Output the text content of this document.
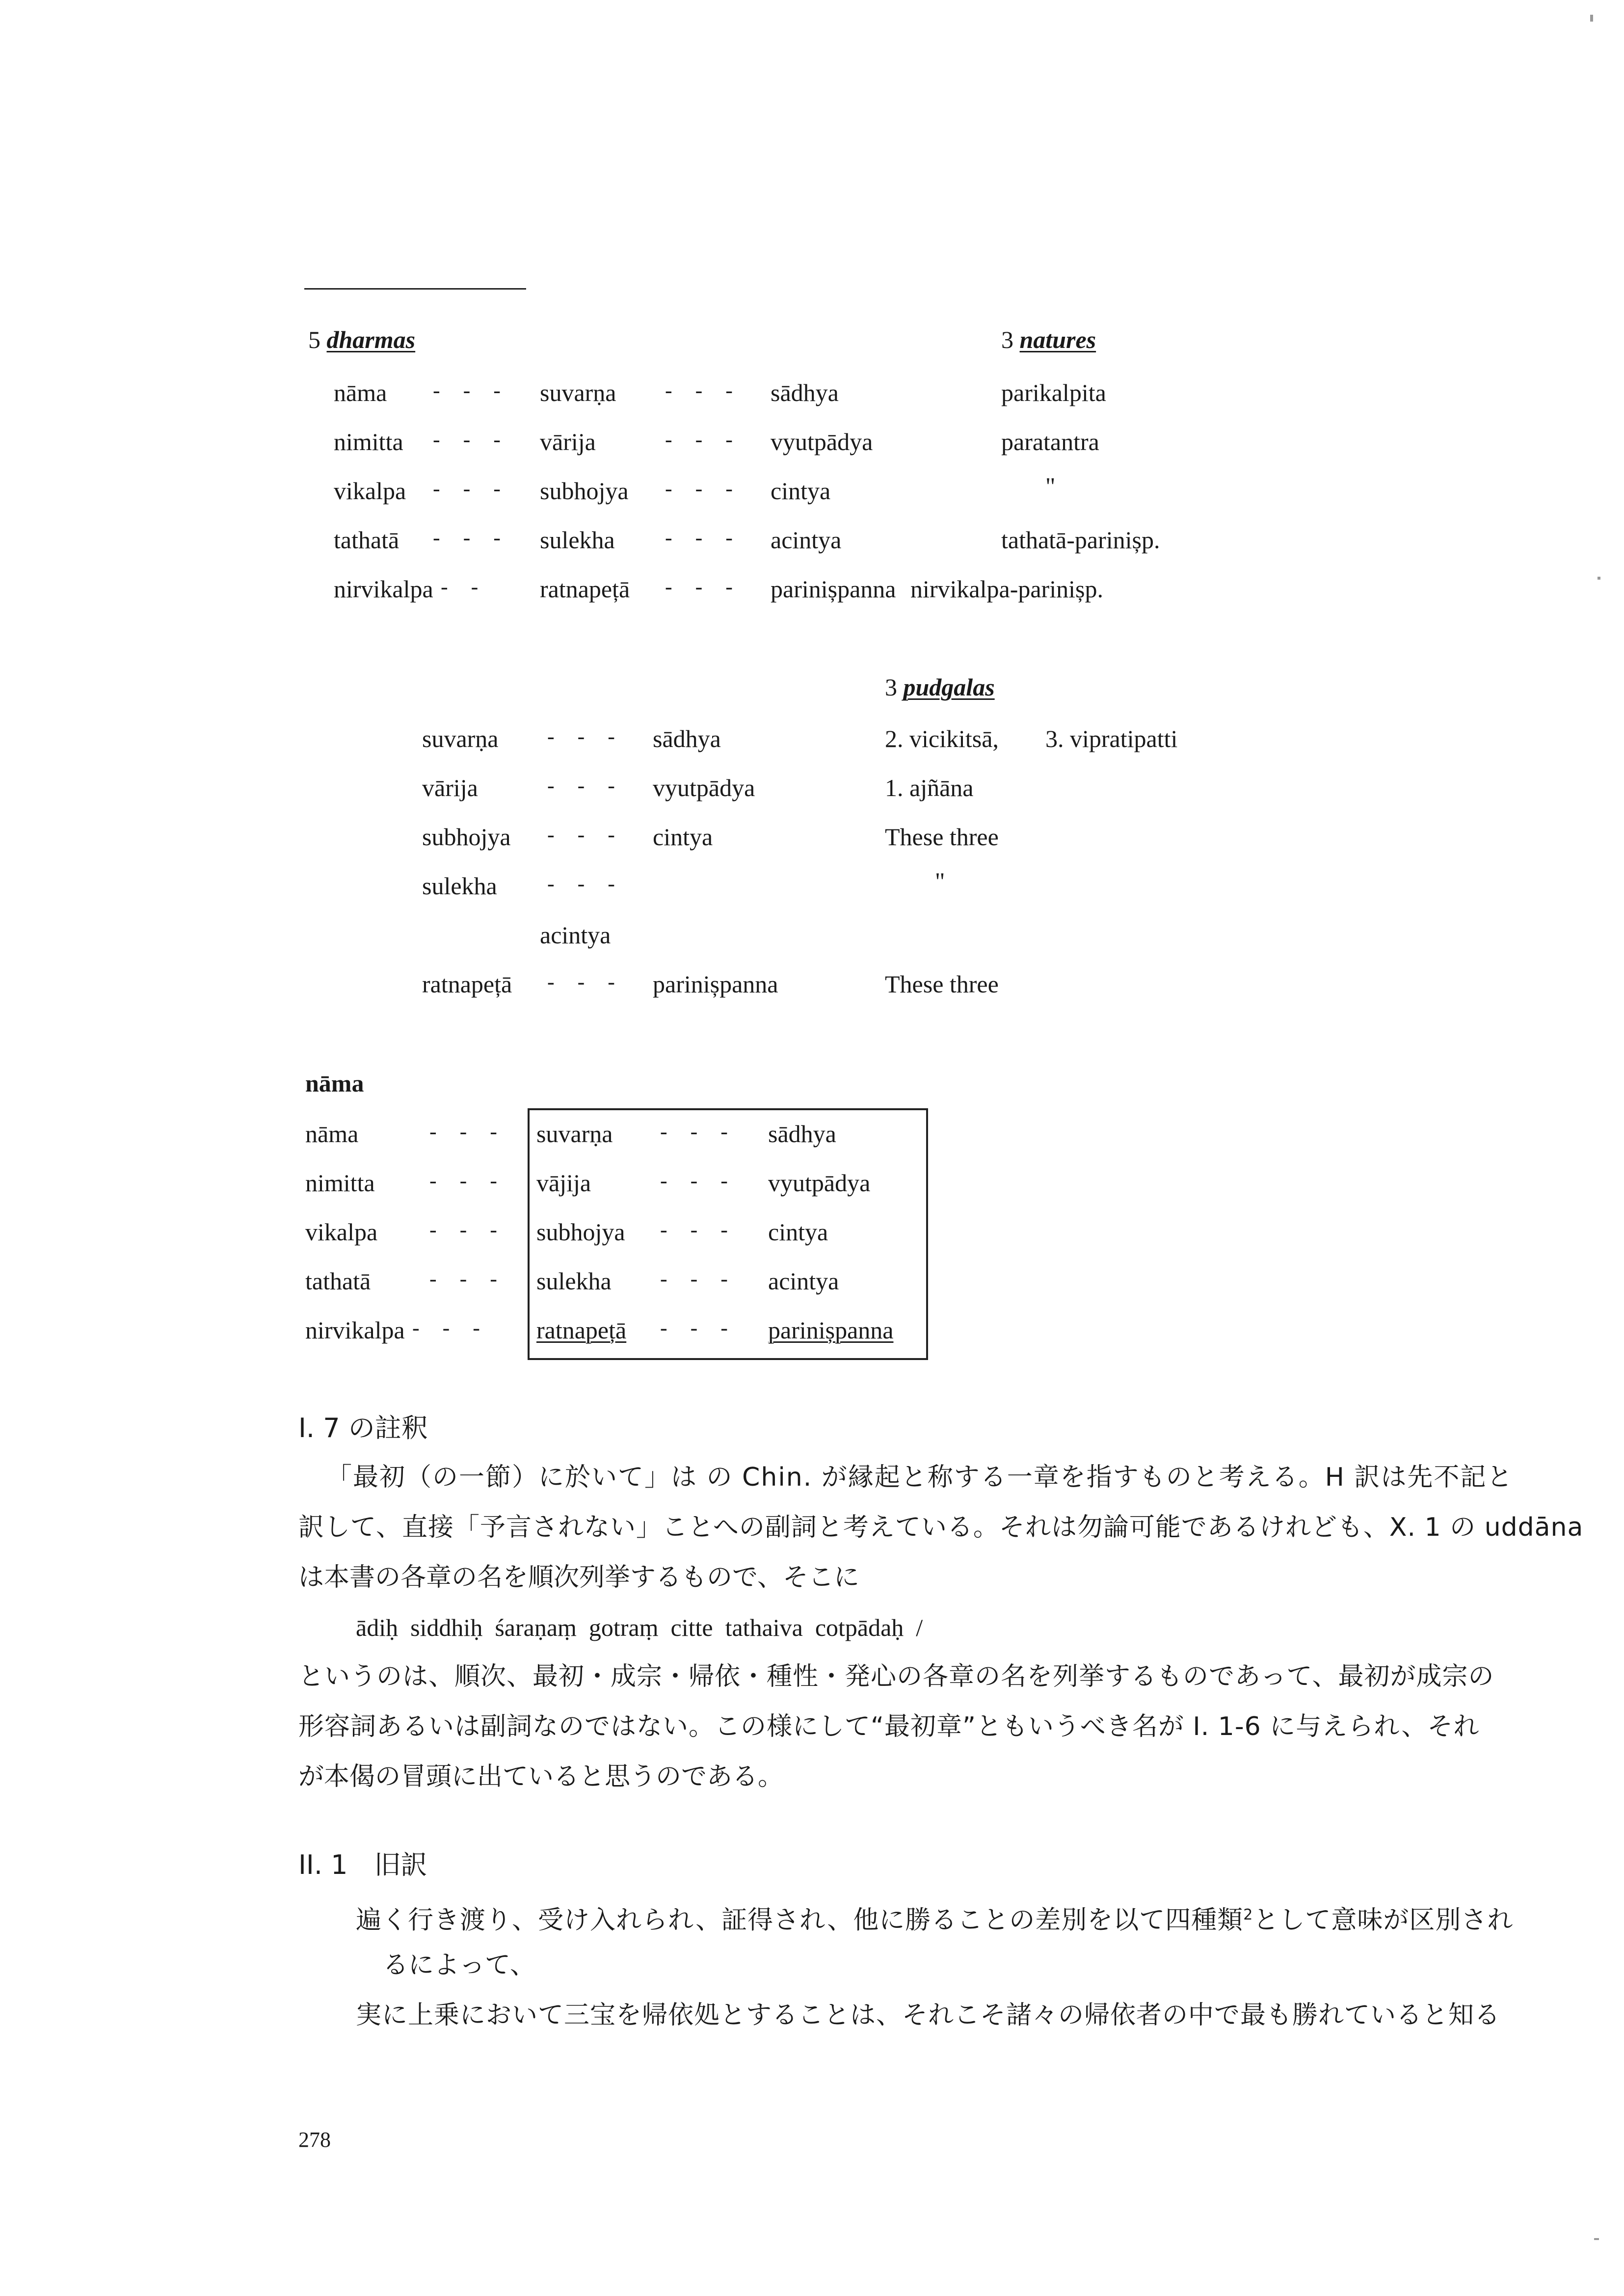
5 dharmas	3 natures
nāma - - - suvarṇa - - - sādhya	parikalpita
nimitta - - - vārija	- - - vyutpādya	paratantra
vikalpa - - - subhojya - - - cintya	"
tathatā - - - sulekha - - - acintya	tathatā-parinișp.
nirvikalpa - - ratnapețā - - - parinișpanna nirvikalpa-parinișp.
3 pudgalas
suvarṇa - - - sādhya	2. vicikitsā, 3. vipratipatti
vārija	- - - vyutpādya	1. ajñāna
subhojya - - - cintya	These three
sulekha - - -	"
acintya
ratnapețā - - - parinișpanna	These three
nāma
nāma	- - - suvarṇa - - - sādhya
nimitta	- - - vājija	- - - vyutpādya
vikalpa - - - subhojya - - - cintya
tathatā	- - - sulekha - - - acintya
nirvikalpa - - - ratnapețā - - - parinișpanna
I. 7 の註釈
「最初（の一節）に於いて」は の Chin. が縁起と称する一章を指すものと考える。H 訳は先不記と
訳して、直接「予言されない」ことへの副詞と考えている。それは勿論可能であるけれども、X. 1 の uddāna
は本書の各章の名を順次列挙するもので、そこに
ādiḥ  siddhiḥ  śaraṇaṃ  gotraṃ  citte  tathaiva  cotpādaḥ  /
というのは、順次、最初・成宗・帰依・種性・発心の各章の名を列挙するものであって、最初が成宗の
形容詞あるいは副詞なのではない。この様にして“最初章”ともいうべき名が I. 1-6 に与えられ、それ
が本偈の冒頭に出ていると思うのである。
II. 1　旧訳
遍く行き渡り、受け入れられ、証得され、他に勝ることの差別を以て四種類$^2$として意味が区別され
るによって、
実に上乗において三宝を帰依処とすることは、それこそ諸々の帰依者の中で最も勝れていると知る
278
